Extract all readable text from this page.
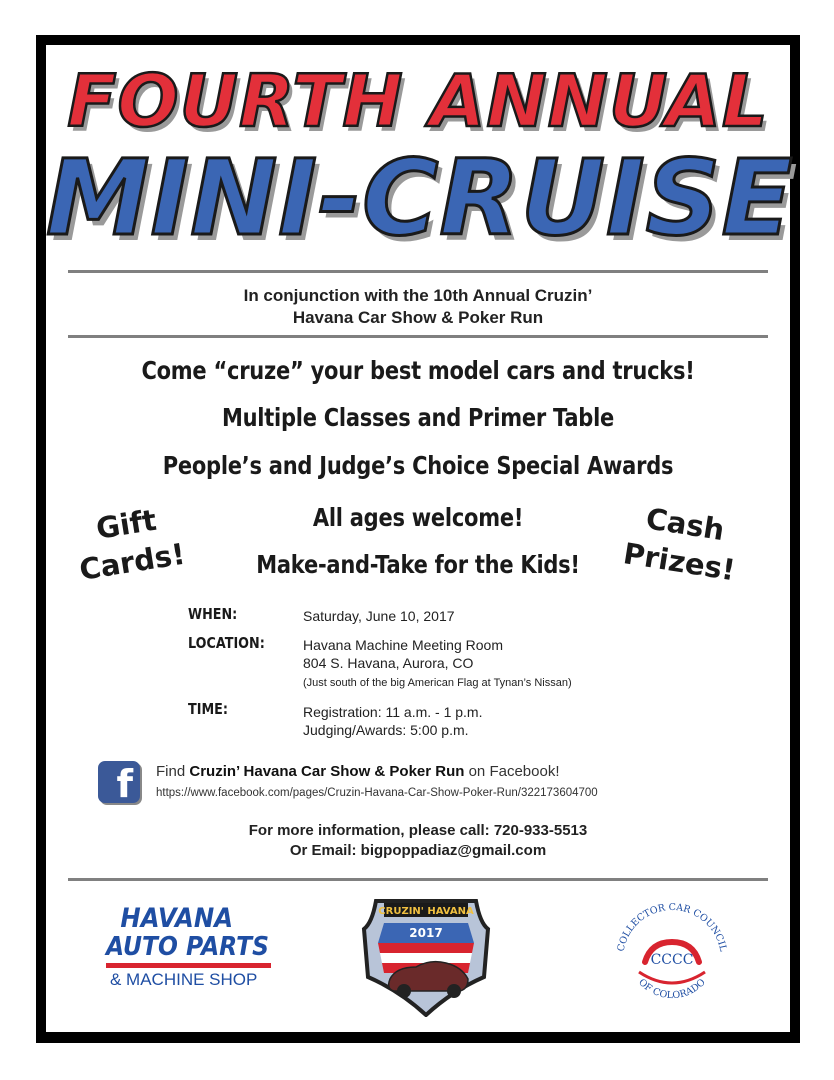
FOURTH ANNUAL
MINI-CRUISE
In conjunction with the 10th Annual Cruzin’
Havana Car Show & Poker Run
Come “cruze” your best model cars and trucks!
Multiple Classes and Primer Table
People’s and Judge’s Choice Special Awards
All ages welcome!
Make-and-Take for the Kids!
Gift
Cards!
Cash
Prizes!
WHEN:	Saturday, June 10, 2017
LOCATION:	Havana Machine Meeting Room
804 S. Havana, Aurora, CO
(Just south of the big American Flag at Tynan’s Nissan)
TIME:	Registration: 11 a.m. - 1 p.m.
Judging/Awards: 5:00 p.m.
f Find Cruzin’ Havana Car Show & Poker Run on Facebook!
https://www.facebook.com/pages/Cruzin-Havana-Car-Show-Poker-Run/322173604700
For more information, please call: 720-933-5513
Or Email: bigpoppadiaz@gmail.com
HAVANA
AUTO PARTS
& MACHINE SHOP
CRUZIN' HAVANA
2017
CCCC
COLLECTOR CAR COUNCIL
OF COLORADO
